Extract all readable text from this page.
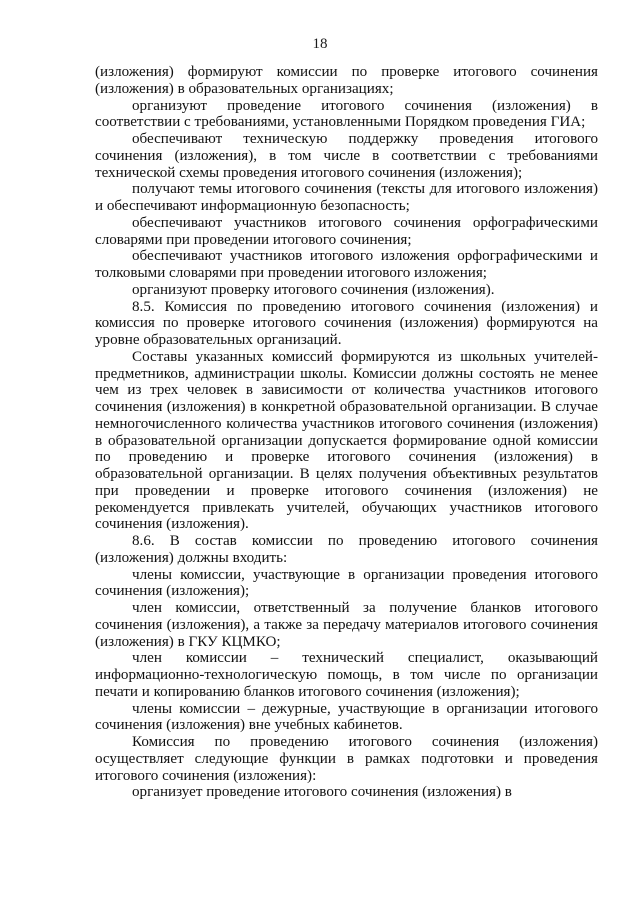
18

(изложения) формируют комиссии по проверке итогового сочинения (изложения) в образовательных организациях;

организуют проведение итогового сочинения (изложения) в соответствии с требованиями, установленными Порядком проведения ГИА;

обеспечивают техническую поддержку проведения итогового сочинения (изложения), в том числе в соответствии с требованиями технической схемы проведения итогового сочинения (изложения);

получают темы итогового сочинения (тексты для итогового изложения) и обеспечивают информационную безопасность;

обеспечивают участников итогового сочинения орфографическими словарями при проведении итогового сочинения;

обеспечивают участников итогового изложения орфографическими и толковыми словарями при проведении итогового изложения;

организуют проверку итогового сочинения (изложения).

8.5. Комиссия по проведению итогового сочинения (изложения) и комиссия по проверке итогового сочинения (изложения) формируются на уровне образовательных организаций.

Составы указанных комиссий формируются из школьных учителей-предметников, администрации школы. Комиссии должны состоять не менее чем из трех человек в зависимости от количества участников итогового сочинения (изложения) в конкретной образовательной организации. В случае немногочисленного количества участников итогового сочинения (изложения) в образовательной организации допускается формирование одной комиссии по проведению и проверке итогового сочинения (изложения) в образовательной организации. В целях получения объективных результатов при проведении и проверке итогового сочинения (изложения) не рекомендуется привлекать учителей, обучающих участников итогового сочинения (изложения).

8.6. В состав комиссии по проведению итогового сочинения (изложения) должны входить:

члены комиссии, участвующие в организации проведения итогового сочинения (изложения);

член комиссии, ответственный за получение бланков итогового сочинения (изложения), а также за передачу материалов итогового сочинения (изложения) в ГКУ КЦМКО;

член комиссии – технический специалист, оказывающий информационно-технологическую помощь, в том числе по организации печати и копированию бланков итогового сочинения (изложения);

члены комиссии – дежурные, участвующие в организации итогового сочинения (изложения) вне учебных кабинетов.

Комиссия по проведению итогового сочинения (изложения) осуществляет следующие функции в рамках подготовки и проведения итогового сочинения (изложения):

организует проведение итогового сочинения (изложения) в
